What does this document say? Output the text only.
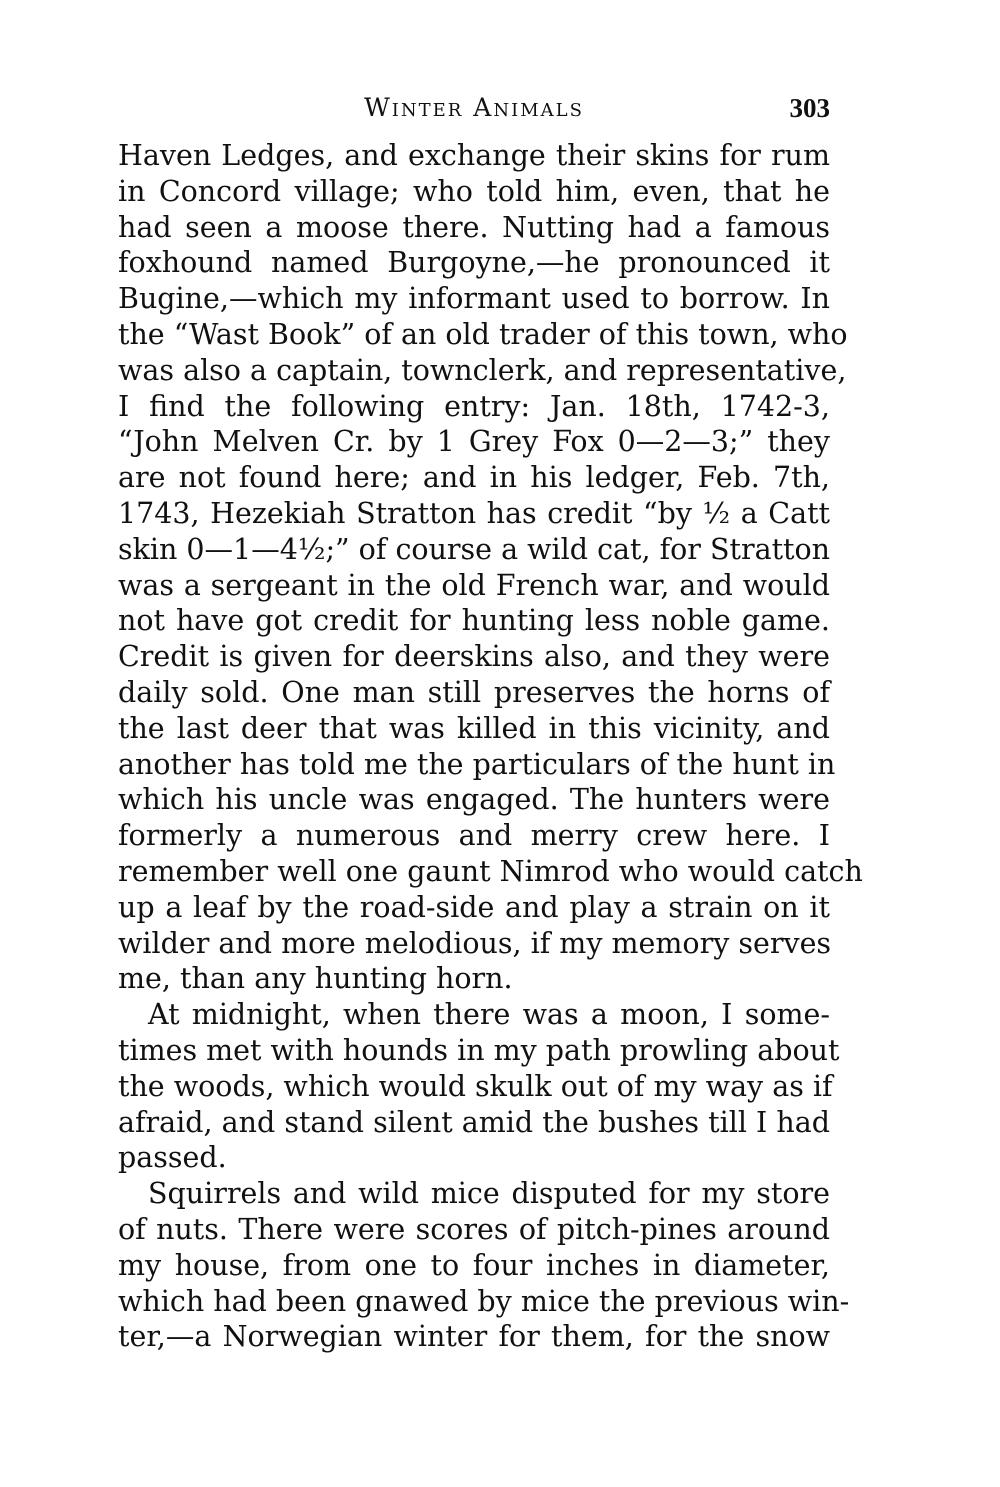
Winter Animals	303
Haven Ledges, and exchange their skins for rum
in Concord village; who told him, even, that he
had seen a moose there. Nutting had a famous
foxhound named Burgoyne,—he pronounced it
Bugine,—which my informant used to borrow. In
the “Wast Book” of an old trader of this town, who
was also a captain, townclerk, and representative,
I find the following entry: Jan. 18th, 1742-3,
“John Melven Cr. by 1 Grey Fox 0—2—3;” they
are not found here; and in his ledger, Feb. 7th,
1743, Hezekiah Stratton has credit “by ½ a Catt
skin 0—1—4½;” of course a wild cat, for Stratton
was a sergeant in the old French war, and would
not have got credit for hunting less noble game.
Credit is given for deerskins also, and they were
daily sold. One man still preserves the horns of
the last deer that was killed in this vicinity, and
another has told me the particulars of the hunt in
which his uncle was engaged. The hunters were
formerly a numerous and merry crew here. I
remember well one gaunt Nimrod who would catch
up a leaf by the road-side and play a strain on it
wilder and more melodious, if my memory serves
me, than any hunting horn.
At midnight, when there was a moon, I some-
times met with hounds in my path prowling about
the woods, which would skulk out of my way as if
afraid, and stand silent amid the bushes till I had
passed.
Squirrels and wild mice disputed for my store
of nuts. There were scores of pitch-pines around
my house, from one to four inches in diameter,
which had been gnawed by mice the previous win-
ter,—a Norwegian winter for them, for the snow
